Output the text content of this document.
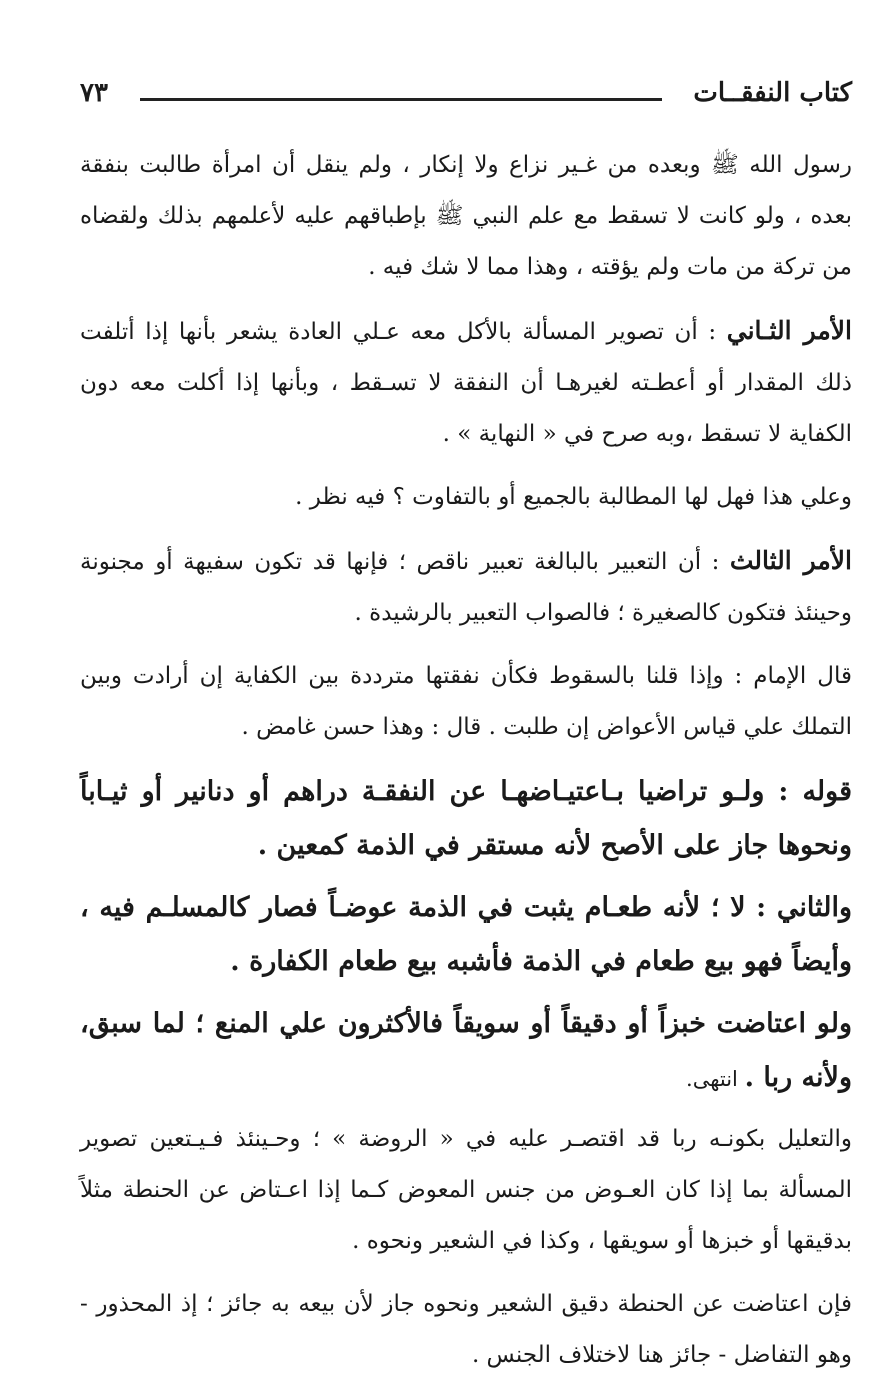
كتاب النفقــات
٧٣

رسول الله ﷺ وبعده من غـير نزاع ولا إنكار ، ولم ينقل أن امرأة طالبت بنفقة بعده ، ولو كانت لا تسقط مع علم النبي ﷺ بإطباقهم عليه لأعلمهم بذلك ولقضاه من تركة من مات ولم يؤقته ، وهذا مما لا شك فيه .

الأمر الثـاني : أن تصوير المسألة بالأكل معه عـلي العادة يشعر بأنها إذا أتلفت ذلك المقدار أو أعطـته لغيرهـا أن النفقة لا تسـقط ، وبأنها إذا أكلت معه دون الكفاية لا تسقط ،وبه صرح في « النهاية » .

وعلي هذا فهل لها المطالبة بالجميع أو بالتفاوت ؟ فيه نظر .

الأمر الثالث : أن التعبير بالبالغة تعبير ناقص ؛ فإنها قد تكون سفيهة أو مجنونة وحينئذ فتكون كالصغيرة ؛ فالصواب التعبير بالرشيدة .

قال الإمام : وإذا قلنا بالسقوط فكأن نفقتها مترددة بين الكفاية إن أرادت وبين التملك علي قياس الأعواض إن طلبت . قال : وهذا حسن غامض .

قوله : ولـو تراضيا بـاعتيـاضهـا عن النفقـة دراهم أو دنانير أو ثيـاباً ونحوها جاز على الأصح لأنه مستقر في الذمة كمعين .

والثاني : لا ؛ لأنه طعـام يثبت في الذمة عوضـاً فصار كالمسلـم فيه ، وأيضاً فهو بيع طعام في الذمة فأشبه بيع طعام الكفارة .

ولو اعتاضت خبزاً أو دقيقاً أو سويقاً فالأكثرون علي المنع ؛ لما سبق، ولأنه ربا . انتهى.

والتعليل بكونـه ربا قد اقتصـر عليه في « الروضة » ؛ وحـينئذ فـيـتعين تصوير المسألة بما إذا كان العـوض من جنس المعوض كـما إذا اعـتاض عن الحنطة مثلاً بدقيقها أو خبزها أو سويقها ، وكذا في الشعير ونحوه .

فإن اعتاضت عن الحنطة دقيق الشعير ونحوه جاز لأن بيعه به جائز ؛ إذ المحذور - وهو التفاضل - جائز هنا لاختلاف الجنس .
